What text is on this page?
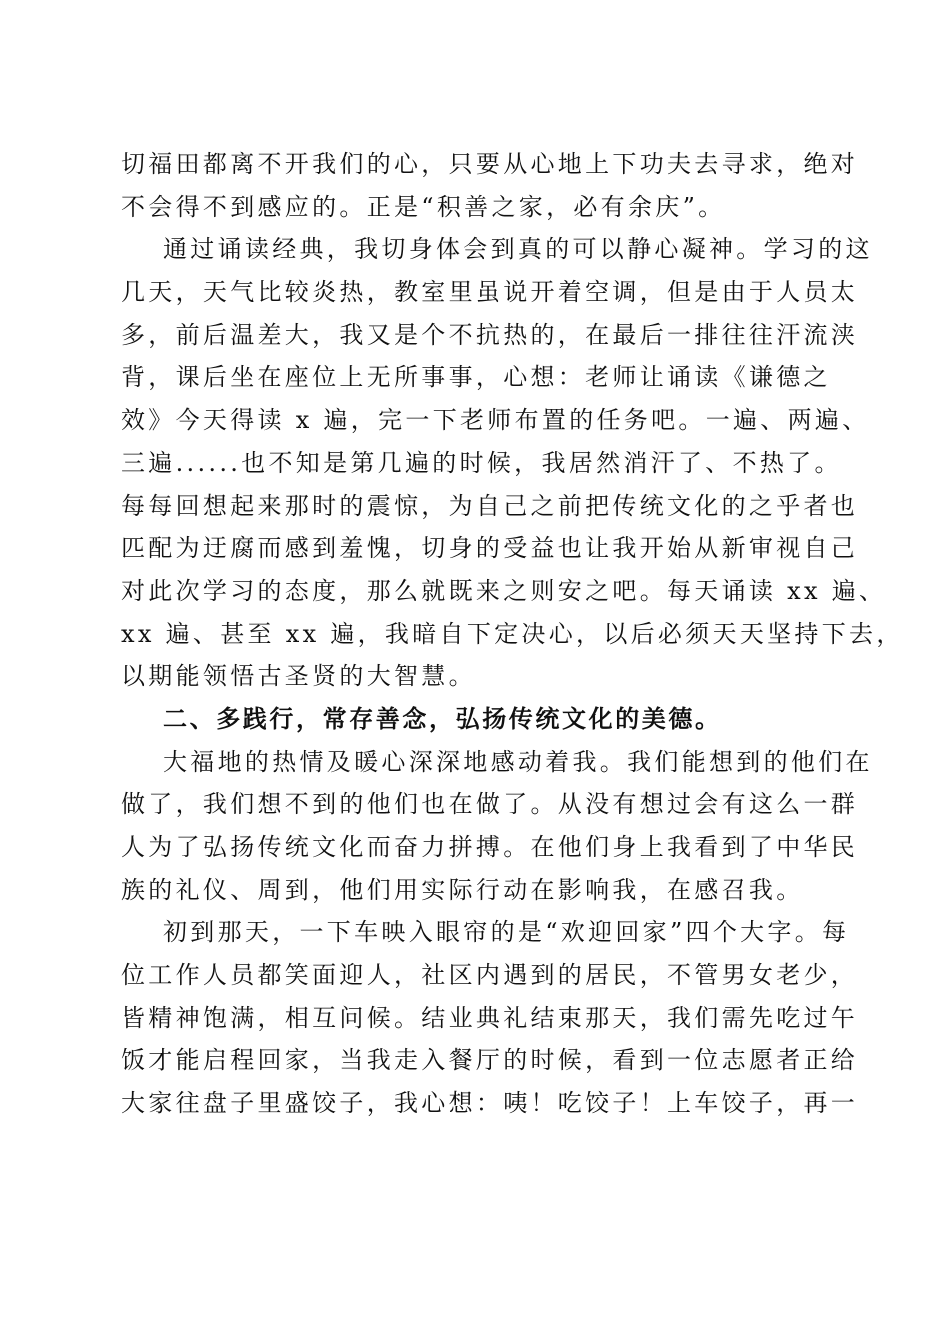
切福田都离不开我们的心，只要从心地上下功夫去寻求，绝对
不会得不到感应的。正是“积善之家，必有余庆”。
通过诵读经典，我切身体会到真的可以静心凝神。学习的这
几天，天气比较炎热，教室里虽说开着空调，但是由于人员太
多，前后温差大，我又是个不抗热的，在最后一排往往汗流浃
背，课后坐在座位上无所事事，心想：老师让诵读《谦德之
效》今天得读 x 遍，完一下老师布置的任务吧。一遍、两遍、
三遍......也不知是第几遍的时候，我居然消汗了、不热了。
每每回想起来那时的震惊，为自己之前把传统文化的之乎者也
匹配为迂腐而感到羞愧，切身的受益也让我开始从新审视自己
对此次学习的态度，那么就既来之则安之吧。每天诵读 xx 遍、
xx 遍、甚至 xx 遍，我暗自下定决心，以后必须天天坚持下去，
以期能领悟古圣贤的大智慧。
二、多践行，常存善念，弘扬传统文化的美德。
大福地的热情及暖心深深地感动着我。我们能想到的他们在
做了，我们想不到的他们也在做了。从没有想过会有这么一群
人为了弘扬传统文化而奋力拼搏。在他们身上我看到了中华民
族的礼仪、周到，他们用实际行动在影响我，在感召我。
初到那天，一下车映入眼帘的是“欢迎回家”四个大字。每
位工作人员都笑面迎人，社区内遇到的居民，不管男女老少，
皆精神饱满，相互问候。结业典礼结束那天，我们需先吃过午
饭才能启程回家，当我走入餐厅的时候，看到一位志愿者正给
大家往盘子里盛饺子，我心想：咦！吃饺子！上车饺子，再一
